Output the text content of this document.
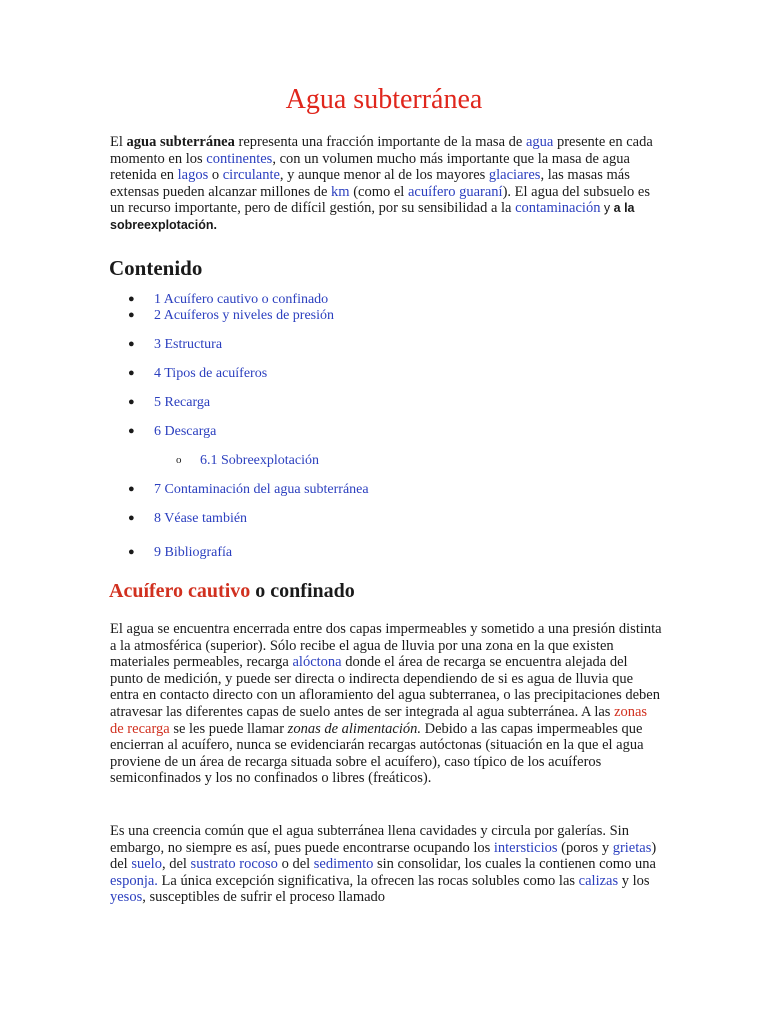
Agua subterránea

El agua subterránea representa una fracción importante de la masa de agua presente en cada momento en los continentes, con un volumen mucho más importante que la masa de agua retenida en lagos o circulante, y aunque menor al de los mayores glaciares, las masas más extensas pueden alcanzar millones de km (como el acuífero guaraní). El agua del subsuelo es un recurso importante, pero de difícil gestión, por su sensibilidad a la contaminación y a la sobreexplotación.

Contenido
● 1 Acuífero cautivo o confinado
● 2 Acuíferos y niveles de presión
● 3 Estructura
● 4 Tipos de acuíferos
● 5 Recarga
● 6 Descarga
o 6.1 Sobreexplotación
● 7 Contaminación del agua subterránea
● 8 Véase también
● 9 Bibliografía
Acuífero cautivo o confinado

El agua se encuentra encerrada entre dos capas impermeables y sometido a una presión distinta a la atmosférica (superior). Sólo recibe el agua de lluvia por una zona en la que existen materiales permeables, recarga alóctona donde el área de recarga se encuentra alejada del punto de medición, y puede ser directa o indirecta dependiendo de si es agua de lluvia que entra en contacto directo con un afloramiento del agua subterranea, o las precipitaciones deben atravesar las diferentes capas de suelo antes de ser integrada al agua subterránea. A las zonas de recarga se les puede llamar zonas de alimentación. Debido a las capas impermeables que encierran al acuífero, nunca se evidenciarán recargas autóctonas (situación en la que el agua proviene de un área de recarga situada sobre el acuífero), caso típico de los acuíferos semiconfinados y los no confinados o libres (freáticos).

Es una creencia común que el agua subterránea llena cavidades y circula por galerías. Sin embargo, no siempre es así, pues puede encontrarse ocupando los intersticios (poros y grietas) del suelo, del sustrato rocoso o del sedimento sin consolidar, los cuales la contienen como una esponja. La única excepción significativa, la ofrecen las rocas solubles como las calizas y los yesos, susceptibles de sufrir el proceso llamado
